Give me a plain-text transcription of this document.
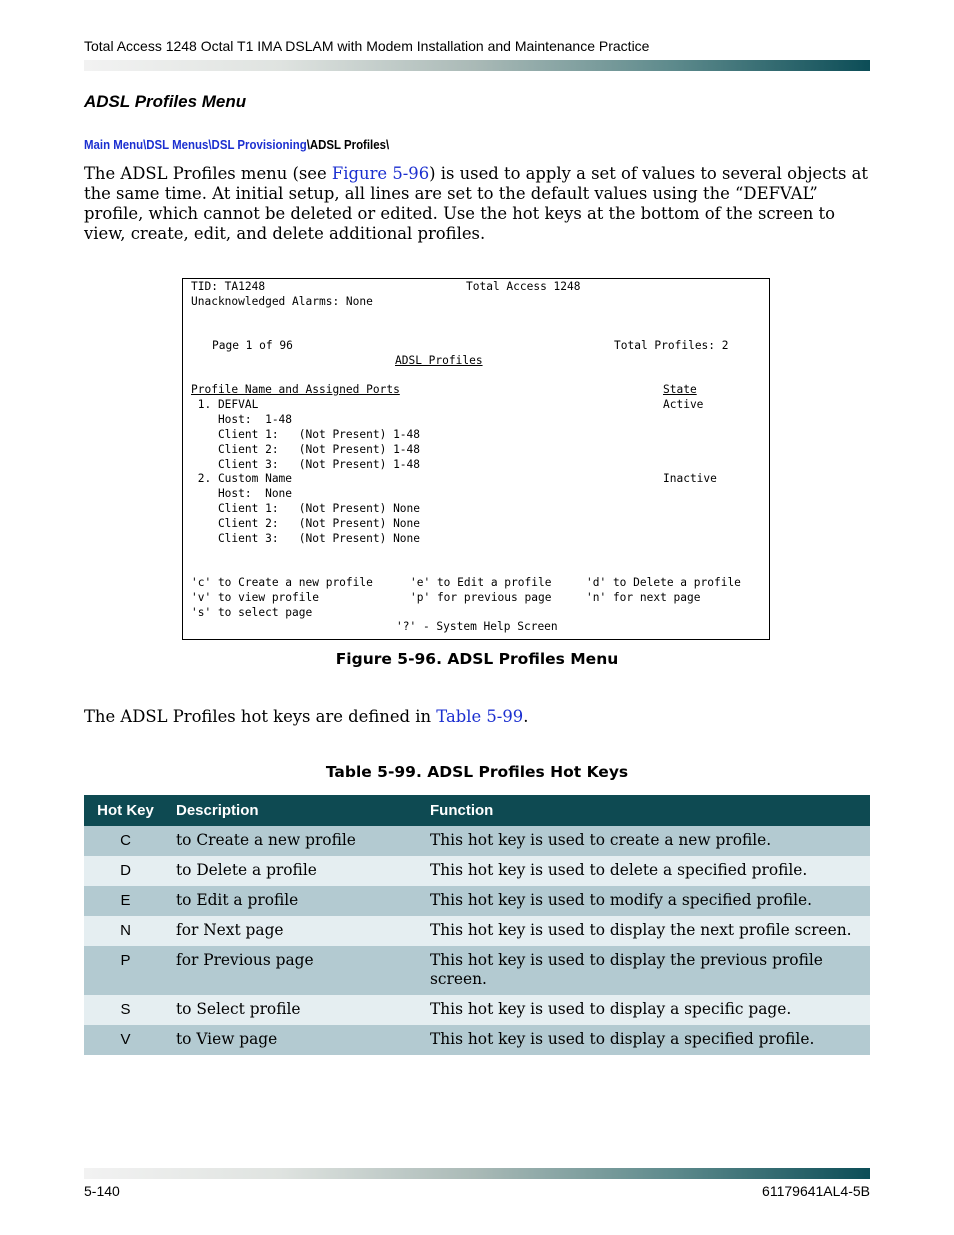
Total Access 1248 Octal T1 IMA DSLAM with Modem Installation and Maintenance Practice
ADSL Profiles Menu
Main Menu\DSL Menus\DSL Provisioning\ADSL Profiles\
The ADSL Profiles menu (see Figure 5-96) is used to apply a set of values to several objects at the same time. At initial setup, all lines are set to the default values using the “DEFVAL” profile, which cannot be deleted or edited. Use the hot keys at the bottom of the screen to view, create, edit, and delete additional profiles.
TID: TA1248	Total Access 1248
Unacknowledged Alarms: None
Page 1 of 96	Total Profiles: 2
ADSL Profiles
Profile Name and Assigned Ports	State
1. DEFVAL	Active
Host:  1-48
Client 1:   (Not Present) 1-48
Client 2:   (Not Present) 1-48
Client 3:   (Not Present) 1-48
2. Custom Name	Inactive
Host:  None
Client 1:   (Not Present) None
Client 2:   (Not Present) None
Client 3:   (Not Present) None
'c' to Create a new profile	'e' to Edit a profile	'd' to Delete a profile
'v' to view profile	'p' for previous page	'n' for next page
's' to select page
'?' - System Help Screen
Figure 5-96. ADSL Profiles Menu
The ADSL Profiles hot keys are defined in Table 5-99.
Table 5-99. ADSL Profiles Hot Keys
Hot Key	Description	Function
C	to Create a new profile	This hot key is used to create a new profile.
D	to Delete a profile	This hot key is used to delete a specified profile.
E	to Edit a profile	This hot key is used to modify a specified profile.
N	for Next page	This hot key is used to display the next profile screen.
P	for Previous page	This hot key is used to display the previous profile screen.
S	to Select profile	This hot key is used to display a specific page.
V	to View page	This hot key is used to display a specified profile.
5-140	61179641AL4-5B
